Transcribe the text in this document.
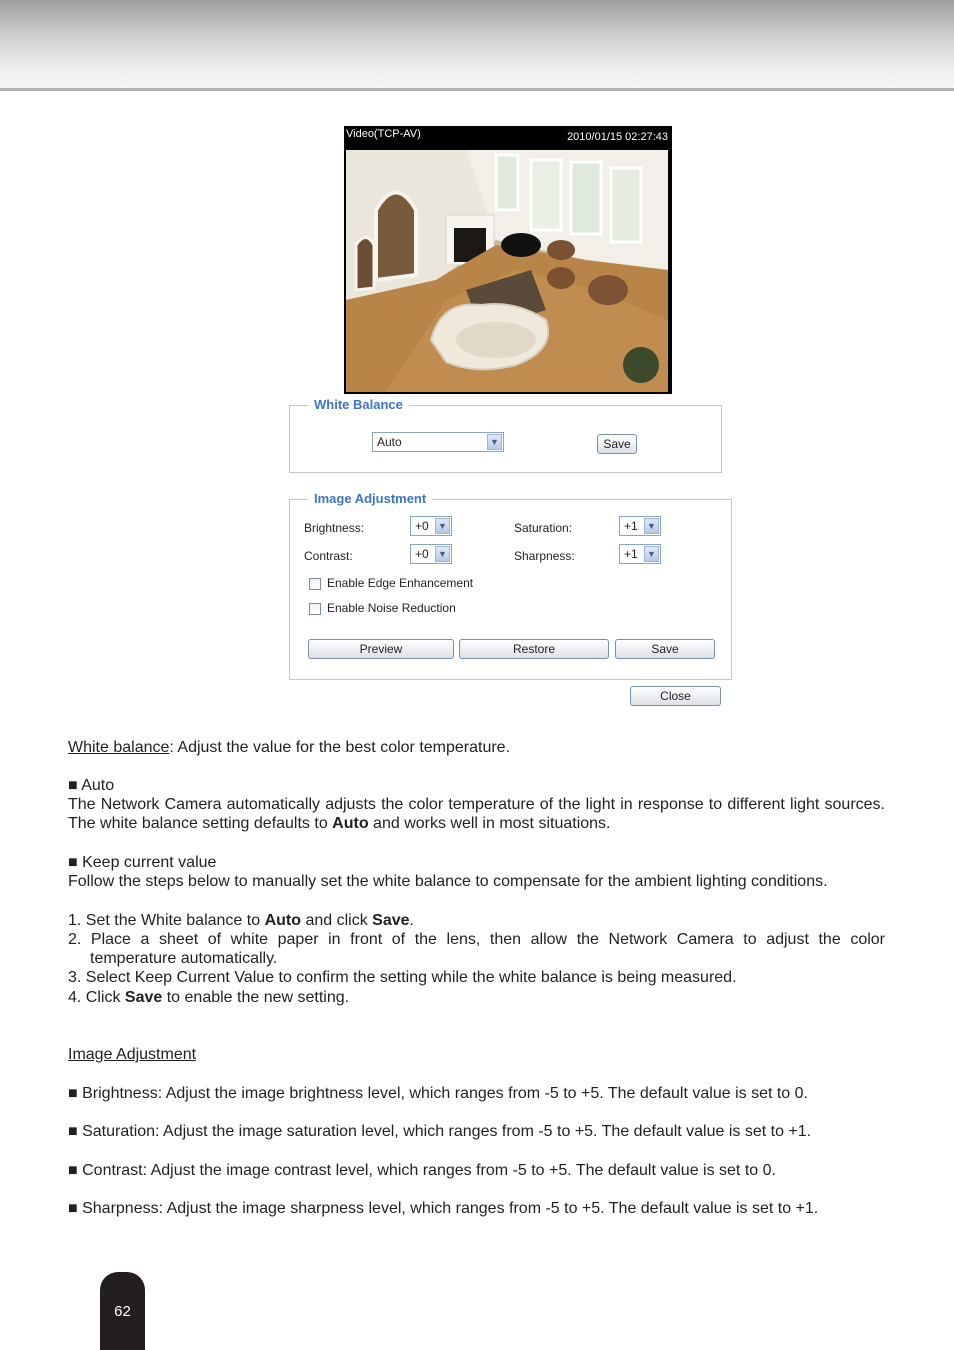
Video(TCP-AV)	2010/01/15 02:27:43
White Balance
Auto	▼	Save
Image Adjustment
Brightness:	+0	▼	Saturation:	+1	▼
Contrast:	+0	▼	Sharpness:	+1	▼
Enable Edge Enhancement
Enable Noise Reduction
Preview	Restore	Save
Close
White balance: Adjust the value for the best color temperature.
■ Auto
The Network Camera automatically adjusts the color temperature of the light in response to different light sources. The white balance setting defaults to Auto and works well in most situations.
■ Keep current value
Follow the steps below to manually set the white balance to compensate for the ambient lighting conditions.
1. Set the White balance to Auto and click Save.
2. Place a sheet of white paper in front of the lens, then allow the Network Camera to adjust the color
temperature automatically.
3. Select Keep Current Value to confirm the setting while the white balance is being measured.
4. Click Save to enable the new setting.
Image Adjustment
■ Brightness: Adjust the image brightness level, which ranges from -5 to +5. The default value is set to 0.
■ Saturation: Adjust the image saturation level, which ranges from -5 to +5. The default value is set to +1.
■ Contrast: Adjust the image contrast level, which ranges from -5 to +5. The default value is set to 0.
■ Sharpness: Adjust the image sharpness level, which ranges from -5 to +5. The default value is set to +1.
62
